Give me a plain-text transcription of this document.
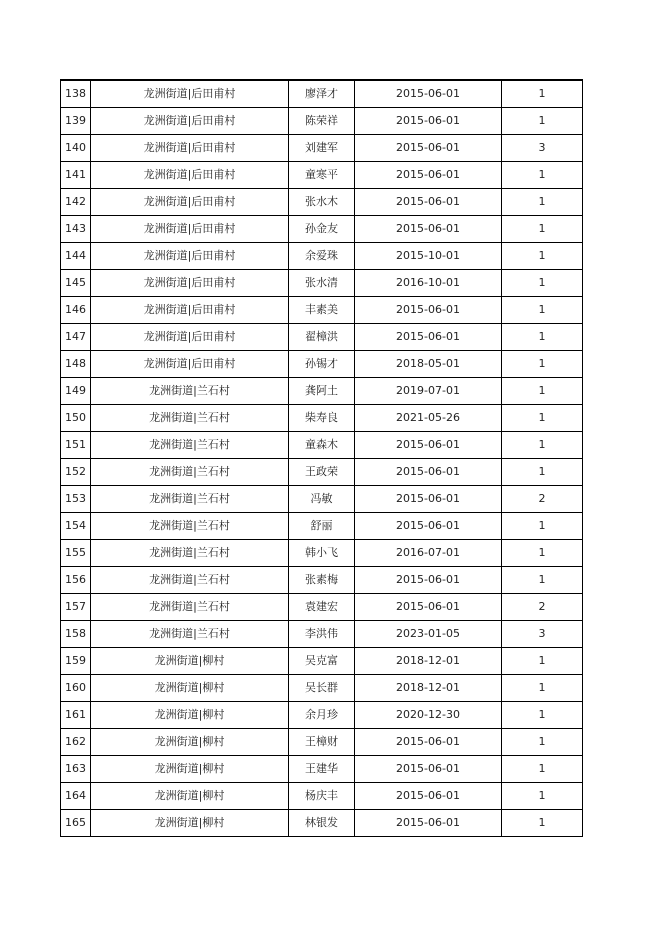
138	龙洲街道|后田甫村	廖泽才	2015-06-01	1
139	龙洲街道|后田甫村	陈荣祥	2015-06-01	1
140	龙洲街道|后田甫村	刘建军	2015-06-01	3
141	龙洲街道|后田甫村	童寒平	2015-06-01	1
142	龙洲街道|后田甫村	张水木	2015-06-01	1
143	龙洲街道|后田甫村	孙金友	2015-06-01	1
144	龙洲街道|后田甫村	余爱珠	2015-10-01	1
145	龙洲街道|后田甫村	张水清	2016-10-01	1
146	龙洲街道|后田甫村	丰素美	2015-06-01	1
147	龙洲街道|后田甫村	翟樟洪	2015-06-01	1
148	龙洲街道|后田甫村	孙锡才	2018-05-01	1
149	龙洲街道|兰石村	龚阿土	2019-07-01	1
150	龙洲街道|兰石村	柴寿良	2021-05-26	1
151	龙洲街道|兰石村	童森木	2015-06-01	1
152	龙洲街道|兰石村	王政荣	2015-06-01	1
153	龙洲街道|兰石村	冯敏	2015-06-01	2
154	龙洲街道|兰石村	舒丽	2015-06-01	1
155	龙洲街道|兰石村	韩小飞	2016-07-01	1
156	龙洲街道|兰石村	张素梅	2015-06-01	1
157	龙洲街道|兰石村	袁建宏	2015-06-01	2
158	龙洲街道|兰石村	李洪伟	2023-01-05	3
159	龙洲街道|柳村	吴克富	2018-12-01	1
160	龙洲街道|柳村	吴长群	2018-12-01	1
161	龙洲街道|柳村	余月珍	2020-12-30	1
162	龙洲街道|柳村	王樟财	2015-06-01	1
163	龙洲街道|柳村	王建华	2015-06-01	1
164	龙洲街道|柳村	杨庆丰	2015-06-01	1
165	龙洲街道|柳村	林银发	2015-06-01	1
